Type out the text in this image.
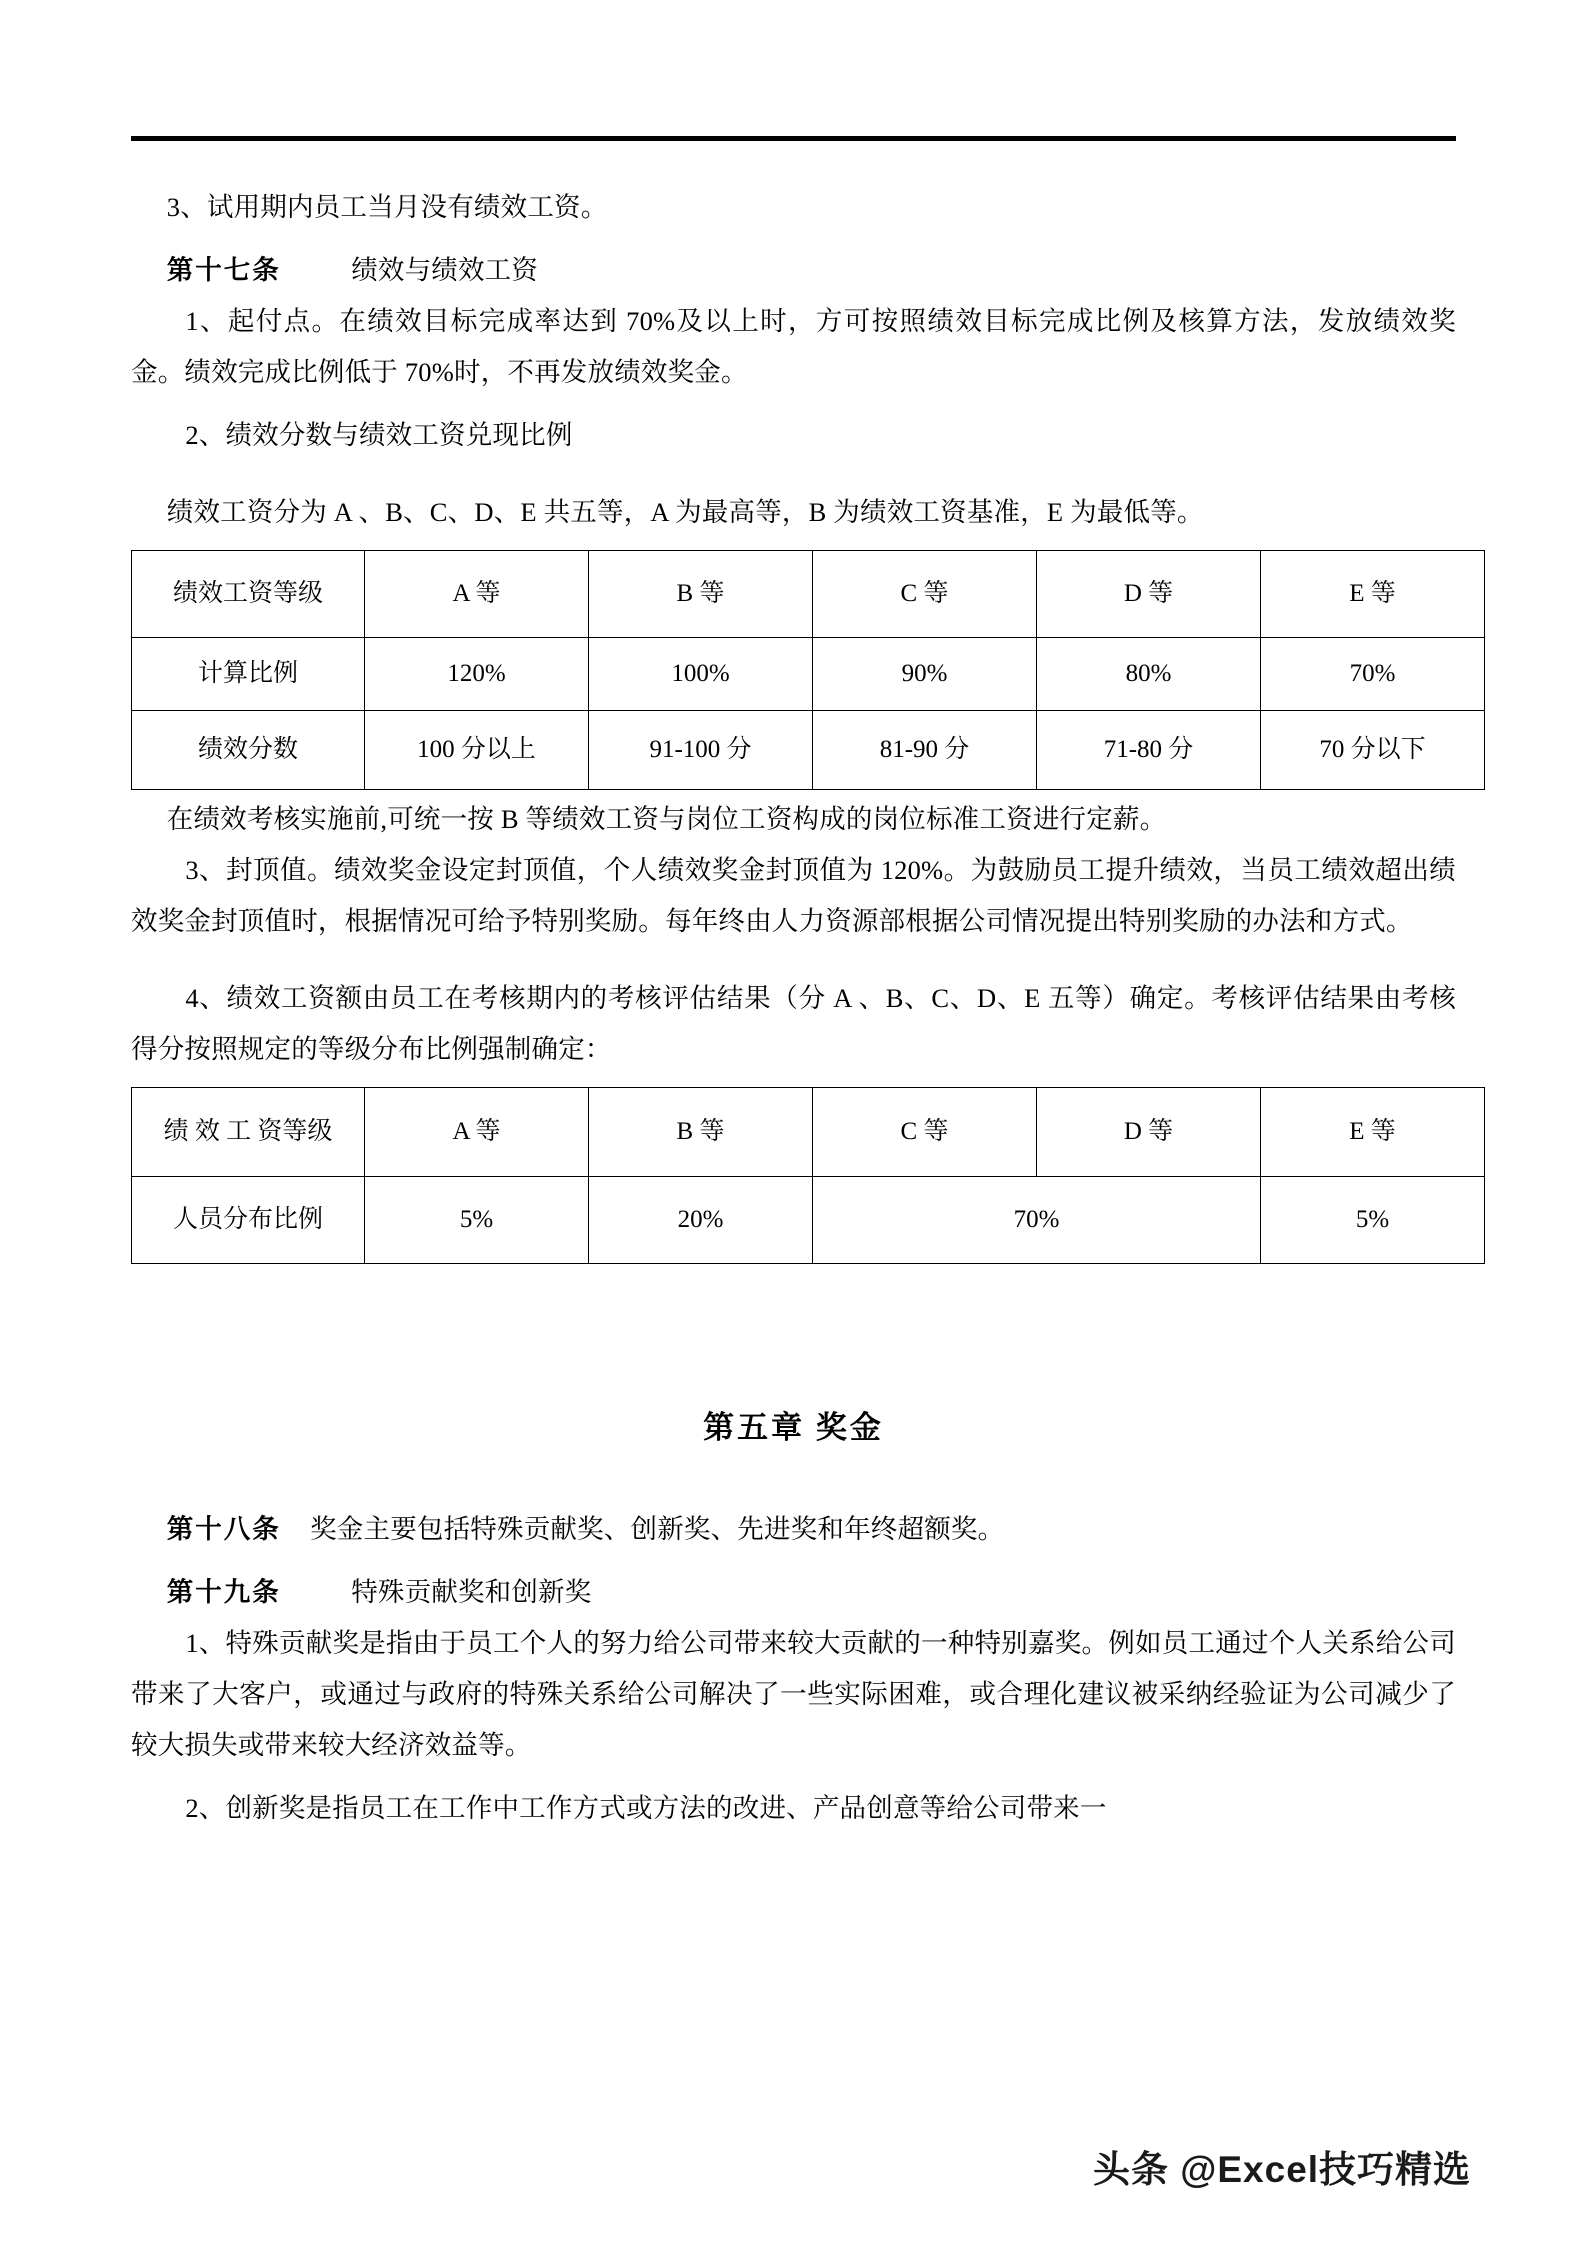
3、试用期内员工当月没有绩效工资。

第十七条	绩效与绩效工资

1、起付点。在绩效目标完成率达到 70%及以上时，方可按照绩效目标完成比例及核算方法，发放绩效奖金。绩效完成比例低于 70%时，不再发放绩效奖金。

2、绩效分数与绩效工资兑现比例

绩效工资分为 A 、B、C、D、E 共五等，A 为最高等，B 为绩效工资基准，E 为最低等。

绩效工资等级	A 等	B 等	C 等	D 等	E 等
计算比例	120%	100%	90%	80%	70%
绩效分数	100 分以上	91-100 分	81-90 分	71-80 分	70 分以下

在绩效考核实施前,可统一按 B 等绩效工资与岗位工资构成的岗位标准工资进行定薪。

3、封顶值。绩效奖金设定封顶值，个人绩效奖金封顶值为 120%。为鼓励员工提升绩效，当员工绩效超出绩效奖金封顶值时，根据情况可给予特别奖励。每年终由人力资源部根据公司情况提出特别奖励的办法和方式。

4、绩效工资额由员工在考核期内的考核评估结果（分 A 、B、C、D、E 五等）确定。考核评估结果由考核得分按照规定的等级分布比例强制确定：

绩 效 工 资等级	A 等	B 等	C 等	D 等	E 等
人员分布比例	5%	20%	70%		5%

第五章 奖金

第十八条 奖金主要包括特殊贡献奖、创新奖、先进奖和年终超额奖。

第十九条	特殊贡献奖和创新奖

1、特殊贡献奖是指由于员工个人的努力给公司带来较大贡献的一种特别嘉奖。例如员工通过个人关系给公司带来了大客户，或通过与政府的特殊关系给公司解决了一些实际困难，或合理化建议被采纳经验证为公司减少了较大损失或带来较大经济效益等。

2、创新奖是指员工在工作中工作方式或方法的改进、产品创意等给公司带来一

头条 @Excel技巧精选
